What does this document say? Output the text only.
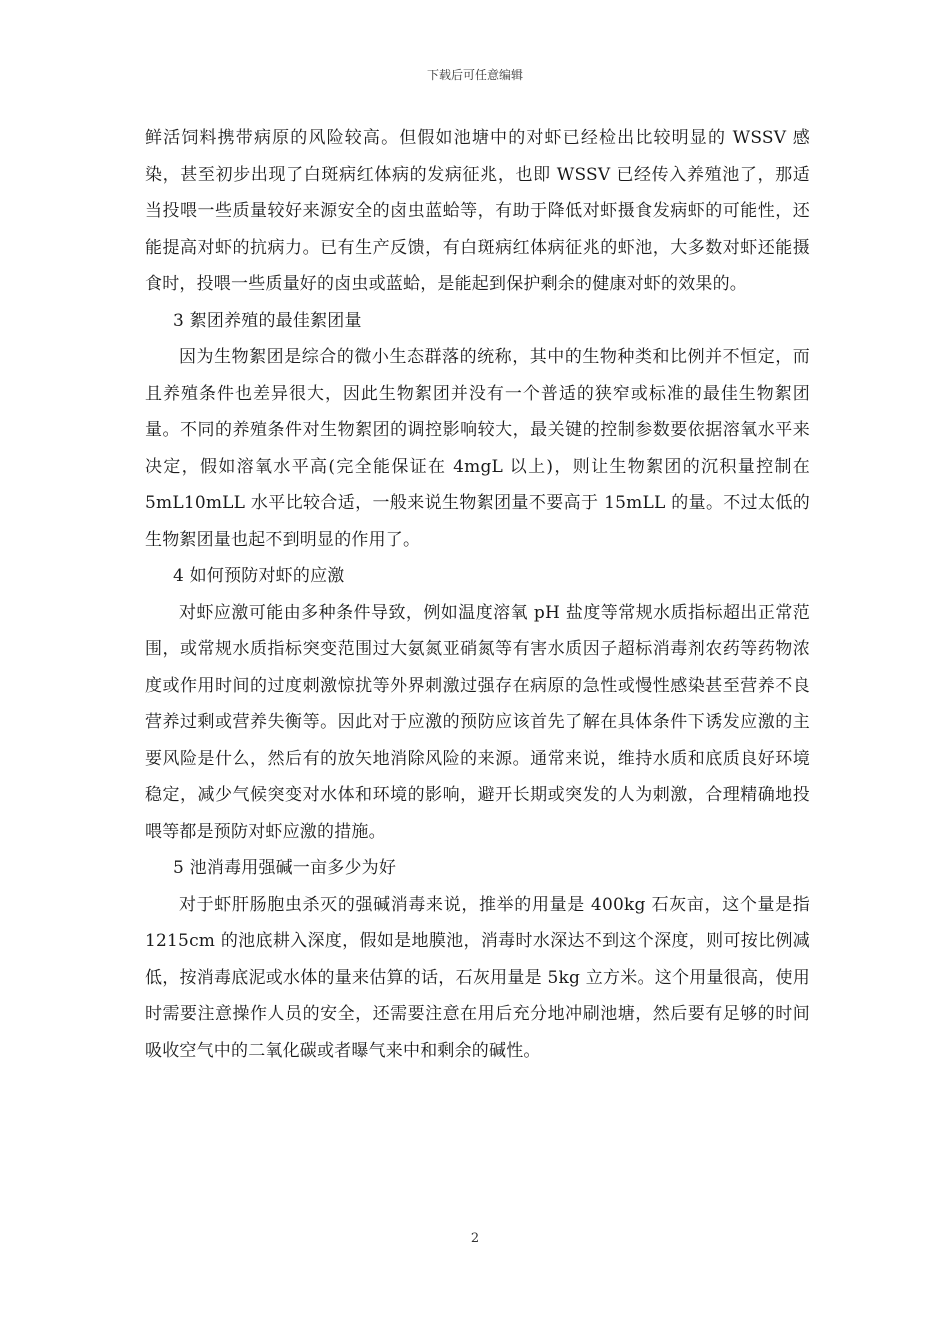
下载后可任意编辑

鲜活饲料携带病原的风险较高。但假如池塘中的对虾已经检出比较明显的 WSSV 感染，甚至初步出现了白斑病红体病的发病征兆，也即 WSSV 已经传入养殖池了，那适当投喂一些质量较好来源安全的卤虫蓝蛤等，有助于降低对虾摄食发病虾的可能性，还能提高对虾的抗病力。已有生产反馈，有白斑病红体病征兆的虾池，大多数对虾还能摄食时，投喂一些质量好的卤虫或蓝蛤，是能起到保护剩余的健康对虾的效果的。

3 絮团养殖的最佳絮团量

因为生物絮团是综合的微小生态群落的统称，其中的生物种类和比例并不恒定，而且养殖条件也差异很大，因此生物絮团并没有一个普适的狭窄或标准的最佳生物絮团量。不同的养殖条件对生物絮团的调控影响较大，最关键的控制参数要依据溶氧水平来决定，假如溶氧水平高(完全能保证在 4mgL 以上)，则让生物絮团的沉积量控制在 5mL10mLL 水平比较合适，一般来说生物絮团量不要高于 15mLL 的量。不过太低的生物絮团量也起不到明显的作用了。

4 如何预防对虾的应激

对虾应激可能由多种条件导致，例如温度溶氧 pH 盐度等常规水质指标超出正常范围，或常规水质指标突变范围过大氨氮亚硝氮等有害水质因子超标消毒剂农药等药物浓度或作用时间的过度刺激惊扰等外界刺激过强存在病原的急性或慢性感染甚至营养不良营养过剩或营养失衡等。因此对于应激的预防应该首先了解在具体条件下诱发应激的主要风险是什么，然后有的放矢地消除风险的来源。通常来说，维持水质和底质良好环境稳定，减少气候突变对水体和环境的影响，避开长期或突发的人为刺激，合理精确地投喂等都是预防对虾应激的措施。

5 池消毒用强碱一亩多少为好

对于虾肝肠胞虫杀灭的强碱消毒来说，推举的用量是 400kg 石灰亩，这个量是指 1215cm 的池底耕入深度，假如是地膜池，消毒时水深达不到这个深度，则可按比例减低，按消毒底泥或水体的量来估算的话，石灰用量是 5kg 立方米。这个用量很高，使用时需要注意操作人员的安全，还需要注意在用后充分地冲刷池塘，然后要有足够的时间吸收空气中的二氧化碳或者曝气来中和剩余的碱性。

2
